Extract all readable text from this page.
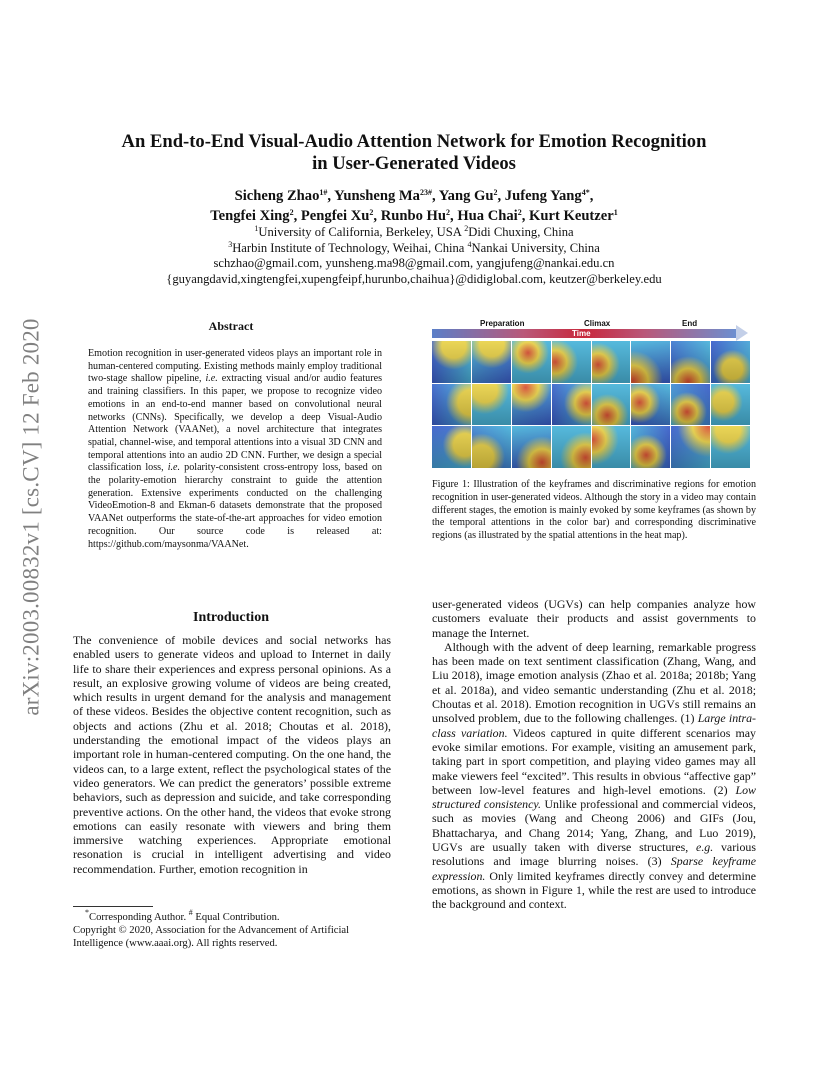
arXiv:2003.00832v1 [cs.CV] 12 Feb 2020
An End-to-End Visual-Audio Attention Network for Emotion Recognition
in User-Generated Videos
Sicheng Zhao$^{1\#}$, Yunsheng $Ma^{23\#}$, Yang Gu$^2$, Jufeng Yang$^{4*}$,
Tengfei Xing$^2$, Pengfei Xu$^2$, Runbo Hu$^2$, Hua Chai$^2$, Kurt Keutzer$^1$
$^1$University of California, Berkeley, USA $^2$Didi Chuxing, China
$^3$Harbin Institute of Technology, Weihai, China $^4$Nankai University, China
schzhao@gmail.com, yunsheng.ma98@gmail.com, yangjufeng@nankai.edu.cn
{guyangdavid,xingtengfei,xupengfeipf,hurunbo,chaihua}@didiglobal.com, keutzer@berkeley.edu
Abstract
Emotion recognition in user-generated videos plays an important role in human-centered computing. Existing methods mainly employ traditional two-stage shallow pipeline, i.e. extracting visual and/or audio features and training classifiers. In this paper, we propose to recognize video emotions in an end-to-end manner based on convolutional neural networks (CNNs). Specifically, we develop a deep Visual-Audio Attention Network (VAANet), a novel architecture that integrates spatial, channel-wise, and temporal attentions into a visual 3D CNN and temporal attentions into an audio 2D CNN. Further, we design a special classification loss, i.e. polarity-consistent cross-entropy loss, based on the polarity-emotion hierarchy constraint to guide the attention generation. Extensive experiments conducted on the challenging VideoEmotion-8 and Ekman-6 datasets demonstrate that the proposed VAANet outperforms the state-of-the-art approaches for video emotion recognition. Our source code is released at: https://github.com/maysonma/VAANet.
Introduction

The convenience of mobile devices and social networks has enabled users to generate videos and upload to Internet in daily life to share their experiences and express personal opinions. As a result, an explosive growing volume of videos are being created, which results in urgent demand for the analysis and management of these videos. Besides the objective content recognition, such as objects and actions (Zhu et al. 2018; Choutas et al. 2018), understanding the emotional impact of the videos plays an important role in human-centered computing. On the one hand, the videos can, to a large extent, reflect the psychological states of the video generators. We can predict the generators’ possible extreme behaviors, such as depression and suicide, and take corresponding preventive actions. On the other hand, the videos that evoke strong emotions can easily resonate with viewers and bring them immersive watching experiences. Appropriate emotional resonation is crucial in intelligent advertising and video recommendation. Further, emotion recognition in

*Corresponding Author. # Equal Contribution.
Copyright © 2020, Association for the Advancement of Artificial Intelligence (www.aaai.org). All rights reserved.
Preparation	Climax	End
Time
Figure 1: Illustration of the keyframes and discriminative regions for emotion recognition in user-generated videos. Although the story in a video may contain different stages, the emotion is mainly evoked by some keyframes (as shown by the temporal attentions in the color bar) and corresponding discriminative regions (as illustrated by the spatial attentions in the heat map).

user-generated videos (UGVs) can help companies analyze how customers evaluate their products and assist governments to manage the Internet.

Although with the advent of deep learning, remarkable progress has been made on text sentiment classification (Zhang, Wang, and Liu 2018), image emotion analysis (Zhao et al. 2018a; 2018b; Yang et al. 2018a), and video semantic understanding (Zhu et al. 2018; Choutas et al. 2018). Emotion recognition in UGVs still remains an unsolved problem, due to the following challenges. (1) Large intra-class variation. Videos captured in quite different scenarios may evoke similar emotions. For example, visiting an amusement park, taking part in sport competition, and playing video games may all make viewers feel “excited”. This results in obvious “affective gap” between low-level features and high-level emotions. (2) Low structured consistency. Unlike professional and commercial videos, such as movies (Wang and Cheong 2006) and GIFs (Jou, Bhattacharya, and Chang 2014; Yang, Zhang, and Luo 2019), UGVs are usually taken with diverse structures, e.g. various resolutions and image blurring noises. (3) Sparse keyframe expression. Only limited keyframes directly convey and determine emotions, as shown in Figure 1, while the rest are used to introduce the background and context.
